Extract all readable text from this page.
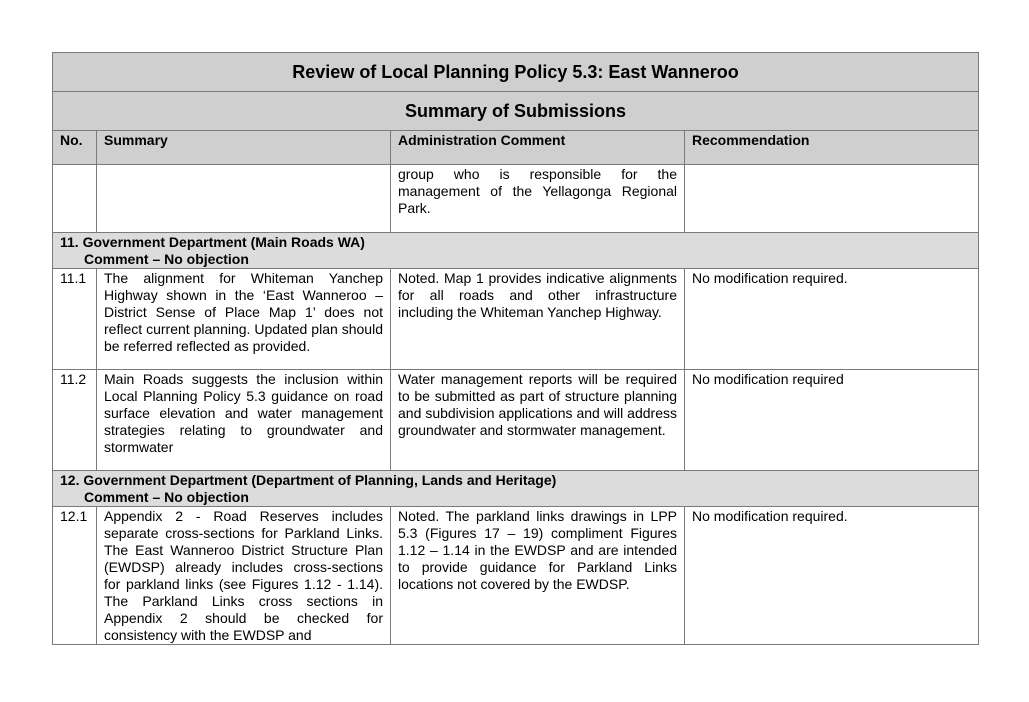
Review of Local Planning Policy 5.3: East Wanneroo			
Summary of Submissions			
No.	Summary	Administration Comment	Recommendation
		group who is responsible for the management of the Yellagonga Regional Park.	
11. Government Department (Main Roads WA)
Comment – No objection			

11.1	The alignment for Whiteman Yanchep Highway shown in the ‘East Wanneroo – District Sense of Place Map 1’ does not reflect current planning. Updated plan should be referred reflected as provided.	Noted. Map 1 provides indicative alignments for all roads and other infrastructure including the Whiteman Yanchep Highway.	No modification required.
11.2	Main Roads suggests the inclusion within Local Planning Policy 5.3 guidance on road surface elevation and water management strategies relating to groundwater and stormwater	Water management reports will be required to be submitted as part of structure planning and subdivision applications and will address groundwater and stormwater management.	No modification required
12. Government Department (Department of Planning, Lands and Heritage)
Comment – No objection			

12.1	Appendix 2 - Road Reserves includes separate cross-sections for Parkland Links. The East Wanneroo District Structure Plan (EWDSP) already includes cross-sections for parkland links (see Figures 1.12 - 1.14). The Parkland Links cross sections in Appendix 2 should be checked for consistency with the EWDSP and	Noted. The parkland links drawings in LPP 5.3 (Figures 17 – 19) compliment Figures 1.12 – 1.14 in the EWDSP and are intended to provide guidance for Parkland Links locations not covered by the EWDSP.	No modification required.
